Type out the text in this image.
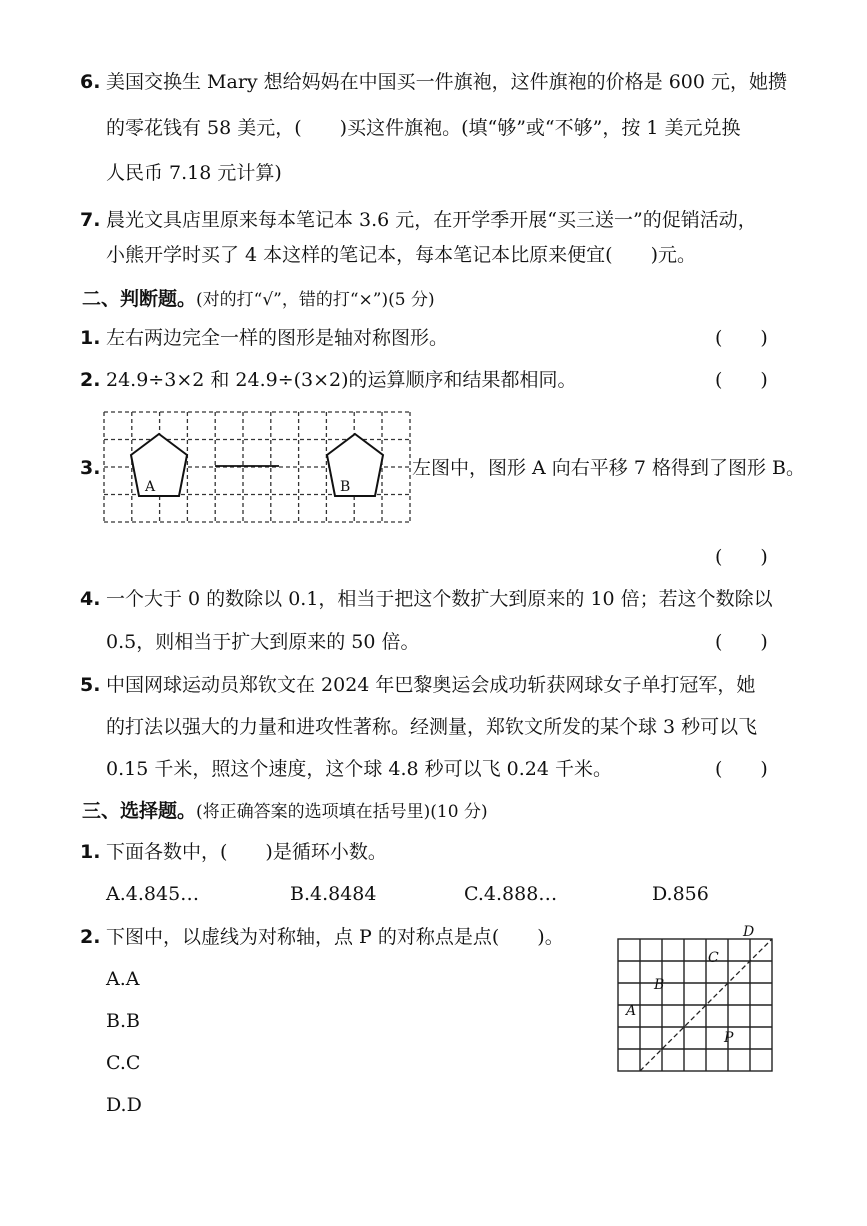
6. 美国交换生 Mary 想给妈妈在中国买一件旗袍，这件旗袍的价格是 600 元，她攒
的零花钱有 58 美元，(　　)买这件旗袍。(填“够”或“不够”，按 1 美元兑换
人民币 7.18 元计算)
7. 晨光文具店里原来每本笔记本 3.6 元，在开学季开展“买三送一”的促销活动，
小熊开学时买了 4 本这样的笔记本，每本笔记本比原来便宜(　　)元。
二、判断题。(对的打“√”，错的打“×”)(5 分)
1. 左右两边完全一样的图形是轴对称图形。	(　　)
2. 24.9÷3×2 和 24.9÷(3×2)的运算顺序和结果都相同。	(　　)
3.
A	B
左图中，图形 A 向右平移 7 格得到了图形 B。
(　　)
4. 一个大于 0 的数除以 0.1，相当于把这个数扩大到原来的 10 倍；若这个数除以
0.5，则相当于扩大到原来的 50 倍。	(　　)
5. 中国网球运动员郑钦文在 2024 年巴黎奥运会成功斩获网球女子单打冠军，她
的打法以强大的力量和进攻性著称。经测量，郑钦文所发的某个球 3 秒可以飞
0.15 千米，照这个速度，这个球 4.8 秒可以飞 0.24 千米。	(　　)
三、选择题。(将正确答案的选项填在括号里)(10 分)
1. 下面各数中，(　　)是循环小数。
A.4.845…	B.4.8484	C.4.888…	D.856
2. 下图中，以虚线为对称轴，点 P 的对称点是点(　　)。
A.A
B.B
C.C
D.D
D
C
B
A
P
